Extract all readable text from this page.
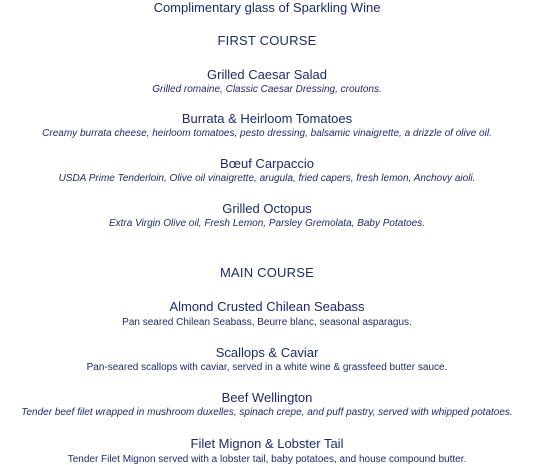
Complimentary glass of Sparkling Wine
FIRST COURSE
Grilled Caesar Salad
Grilled romaine, Classic Caesar Dressing, croutons.
Burrata & Heirloom Tomatoes
Creamy burrata cheese, heirloom tomatoes, pesto dressing, balsamic vinaigrette, a drizzle of olive oil.
Bœuf Carpaccio
USDA Prime Tenderloin, Olive oil vinaigrette, arugula, fried capers, fresh lemon, Anchovy aioli.
Grilled Octopus
Extra Virgin Olive oil, Fresh Lemon, Parsley Gremolata, Baby Potatoes.
MAIN COURSE
Almond Crusted Chilean Seabass
Pan seared Chilean Seabass, Beurre blanc, seasonal asparagus.
Scallops & Caviar
Pan-seared scallops with caviar, served in a white wine & grassfeed butter sauce.
Beef Wellington
Tender beef filet wrapped in mushroom duxelles, spinach crepe, and puff pastry, served with whipped potatoes.
Filet Mignon & Lobster Tail
Tender Filet Mignon served with a lobster tail, baby potatoes, and house compound butter.
